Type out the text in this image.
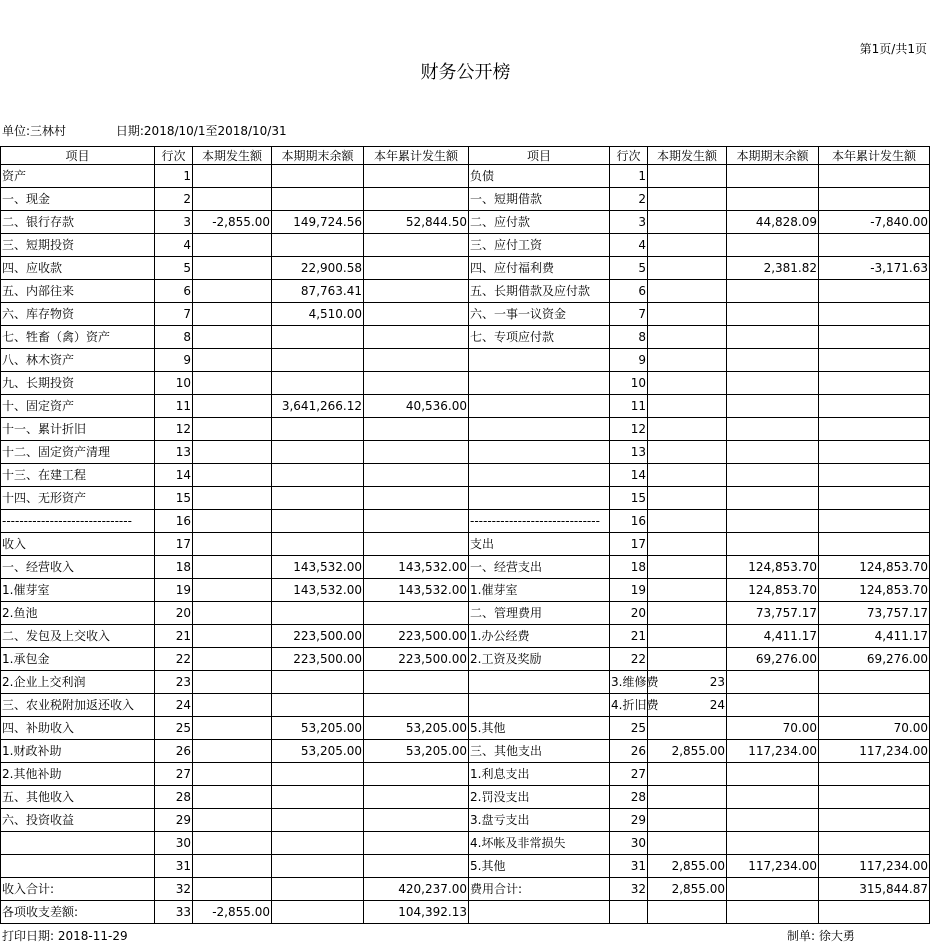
第1页/共1页
财务公开榜
单位:三林村	日期:2018/10/1至2018/10/31
项目	行次	本期发生额	本期期末余额	本年累计发生额	项目	行次	本期发生额	本期期末余额	本年累计发生额
资产	1				负债	1			
一、现金	2				一、短期借款	2			
二、银行存款	3	-2,855.00	149,724.56	52,844.50	二、应付款	3		44,828.09	-7,840.00
三、短期投资	4				三、应付工资	4			
四、应收款	5		22,900.58		四、应付福利费	5		2,381.82	-3,171.63
五、内部往来	6		87,763.41		五、长期借款及应付款	6			
六、库存物资	7		4,510.00		六、一事一议资金	7			
七、牲畜（禽）资产	8				七、专项应付款	8			
八、林木资产	9					9			
九、长期投资	10					10			
十、固定资产	11		3,641,266.12	40,536.00		11			
十一、累计折旧	12					12			
十二、固定资产清理	13					13			
十三、在建工程	14					14			
十四、无形资产	15					15			
------------------------------	16				------------------------------	16			
收入	17				支出	17			
一、经营收入	18		143,532.00	143,532.00	一、经营支出	18		124,853.70	124,853.70
1.催芽室	19		143,532.00	143,532.00	1.催芽室	19		124,853.70	124,853.70
2.鱼池	20				二、管理费用	20		73,757.17	73,757.17
二、发包及上交收入	21		223,500.00	223,500.00	1.办公经费	21		4,411.17	4,411.17
1.承包金	22		223,500.00	223,500.00	2.工资及奖励	22		69,276.00	69,276.00
2.企业上交利润	23					3.维修费	23		
三、农业税附加返还收入	24					4.折旧费	24		
四、补助收入	25		53,205.00	53,205.00	5.其他	25		70.00	70.00
1.财政补助	26		53,205.00	53,205.00	三、其他支出	26	2,855.00	117,234.00	117,234.00
2.其他补助	27				1.利息支出	27			
五、其他收入	28				2.罚没支出	28			
六、投资收益	29				3.盘亏支出	29			
	30				4.坏帐及非常损失	30			
	31				5.其他	31	2,855.00	117,234.00	117,234.00
收入合计:	32			420,237.00	费用合计:	32	2,855.00		315,844.87
各项收支差额:	33	-2,855.00		104,392.13					
打印日期: 2018-11-29	制单: 徐大勇
